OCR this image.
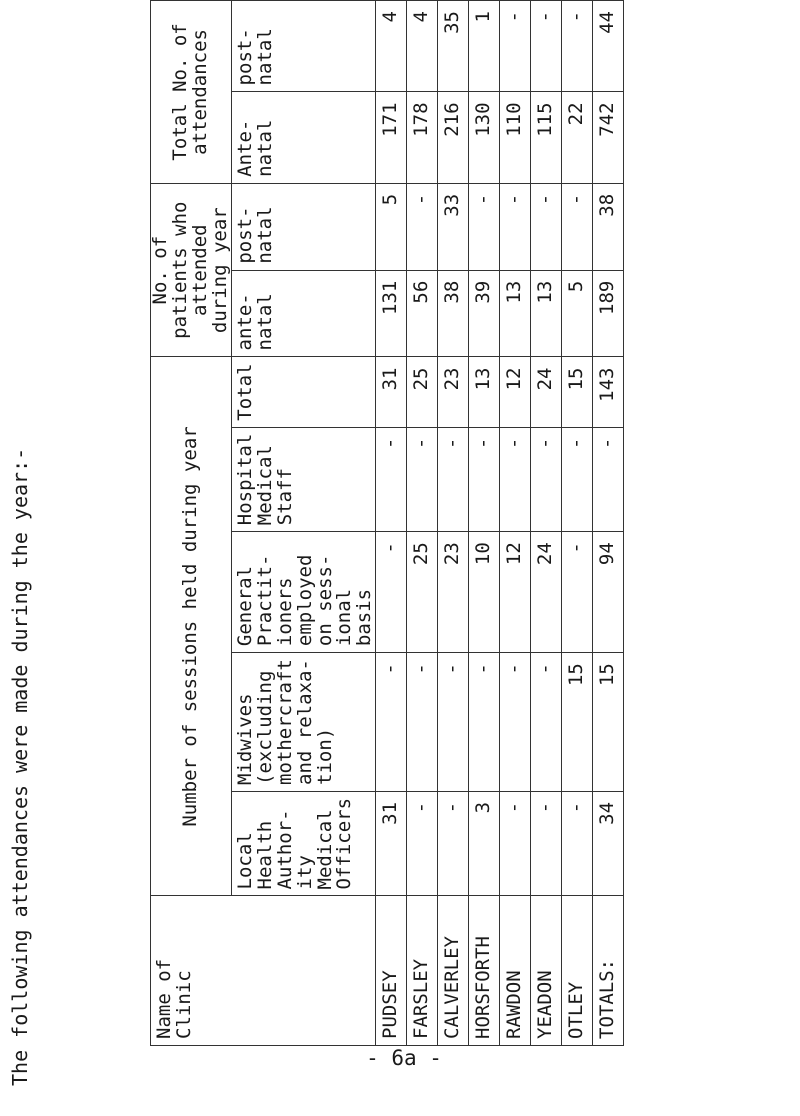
The following attendances were made during the year:-	- 6a -
Name of Clinic	Number of sessions held during year					No. of patients who attended during year		Total No. of attendances	

	Local Health Author- ity Medical Officers	Midwives (excluding mothercraft and relaxa- tion)	General Practit- ioners employed on sess- ional basis	Hospital Medical Staff	Total	ante- natal	post- natal	Ante- natal	post- natal

PUDSEY	31	-	-	-	31	131	5	171	4
FARSLEY	-	-	25	-	25	56	-	178	4
CALVERLEY	-	-	23	-	23	38	33	216	35
HORSFORTH	3	-	10	-	13	39	-	130	1
RAWDON	-	-	12	-	12	13	-	110	-
YEADON	-	-	24	-	24	13	-	115	-
OTLEY	-	15	-	-	15	5	-	22	-
TOTALS:	34	15	94	-	143	189	38	742	44
